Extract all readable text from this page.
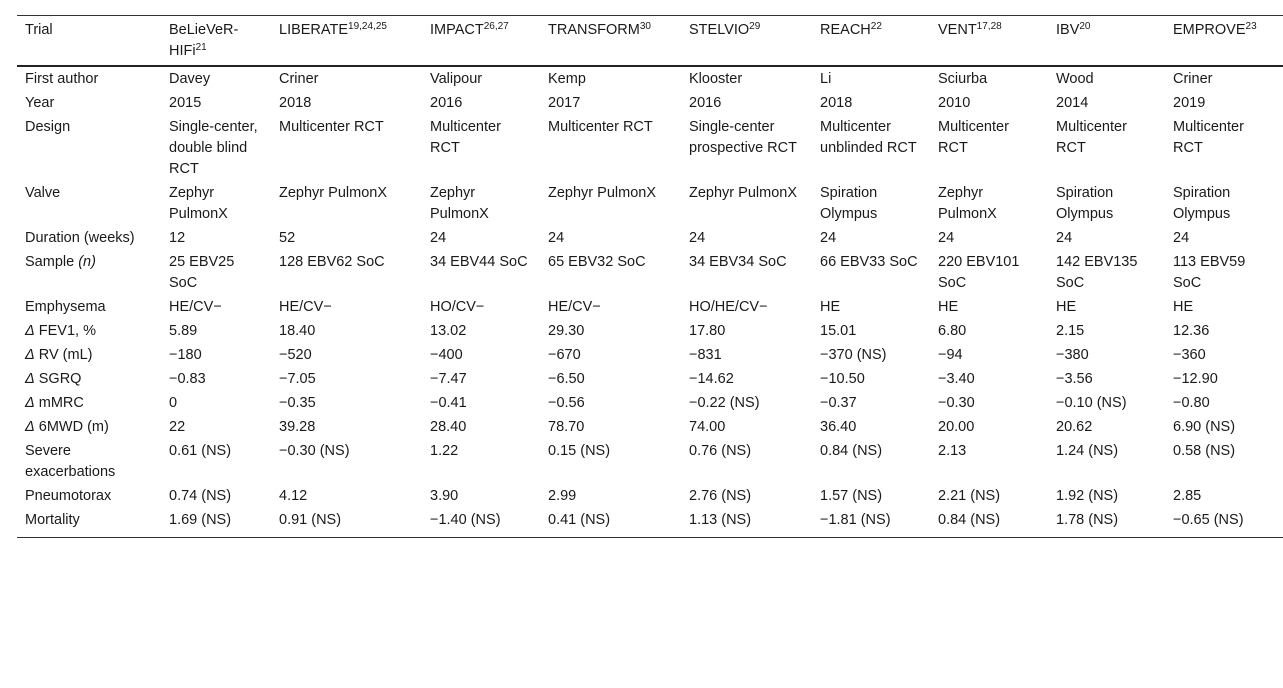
Trial	BeLieVeR-HIFi$^{21}$	LIBERATE$^{19,24,25}$	IMPACT$^{26,27}$	TRANSFORM$^{30}$	STELVIO$^{29}$	REACH$^{22}$	VENT$^{17,28}$	IBV$^{20}$	EMPROVE$^{23}$
First author	Davey	Criner	Valipour	Kemp	Klooster	Li	Sciurba	Wood	Criner
Year	2015	2018	2016	2017	2016	2018	2010	2014	2019
Design	Single-center, double blind RCT	Multicenter RCT	Multicenter RCT	Multicenter RCT	Single-center prospective RCT	Multicenter unblinded RCT	Multicenter RCT	Multicenter RCT	Multicenter RCT
Valve	Zephyr PulmonX	Zephyr PulmonX	Zephyr PulmonX	Zephyr PulmonX	Zephyr PulmonX	Spiration Olympus	Zephyr PulmonX	Spiration Olympus	Spiration Olympus
Duration (weeks)	12	52	24	24	24	24	24	24	24
Sample (n)	25 EBV25 SoC	128 EBV62 SoC	34 EBV44 SoC	65 EBV32 SoC	34 EBV34 SoC	66 EBV33 SoC	220 EBV101 SoC	142 EBV135 SoC	113 EBV59 SoC
Emphysema	HE/CV−	HE/CV−	HO/CV−	HE/CV−	HO/HE/CV−	HE	HE	HE	HE
Δ FEV1, %	5.89	18.40	13.02	29.30	17.80	15.01	6.80	2.15	12.36
Δ RV (mL)	−180	−520	−400	−670	−831	−370 (NS)	−94	−380	−360
Δ SGRQ	−0.83	−7.05	−7.47	−6.50	−14.62	−10.50	−3.40	−3.56	−12.90
Δ mMRC	0	−0.35	−0.41	−0.56	−0.22 (NS)	−0.37	−0.30	−0.10 (NS)	−0.80
Δ 6MWD (m)	22	39.28	28.40	78.70	74.00	36.40	20.00	20.62	6.90 (NS)
Severe exacerbations	0.61 (NS)	−0.30 (NS)	1.22	0.15 (NS)	0.76 (NS)	0.84 (NS)	2.13	1.24 (NS)	0.58 (NS)
Pneumotorax	0.74 (NS)	4.12	3.90	2.99	2.76 (NS)	1.57 (NS)	2.21 (NS)	1.92 (NS)	2.85
Mortality	1.69 (NS)	0.91 (NS)	−1.40 (NS)	0.41 (NS)	1.13 (NS)	−1.81 (NS)	0.84 (NS)	1.78 (NS)	−0.65 (NS)
